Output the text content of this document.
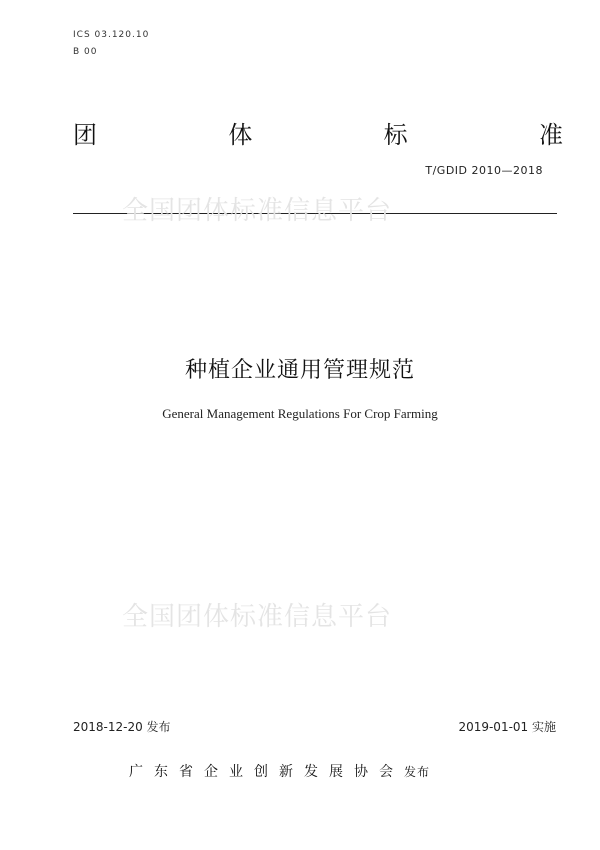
ICS 03.120.10
B 00
团	体	标	准
T/GDID 2010—2018
全国团体标准信息平台
全国团体标准信息平台
种植企业通用管理规范
General Management Regulations For Crop Farming
2018-12-20 发布	2019-01-01 实施
广东省企业创新发展协会 发布
